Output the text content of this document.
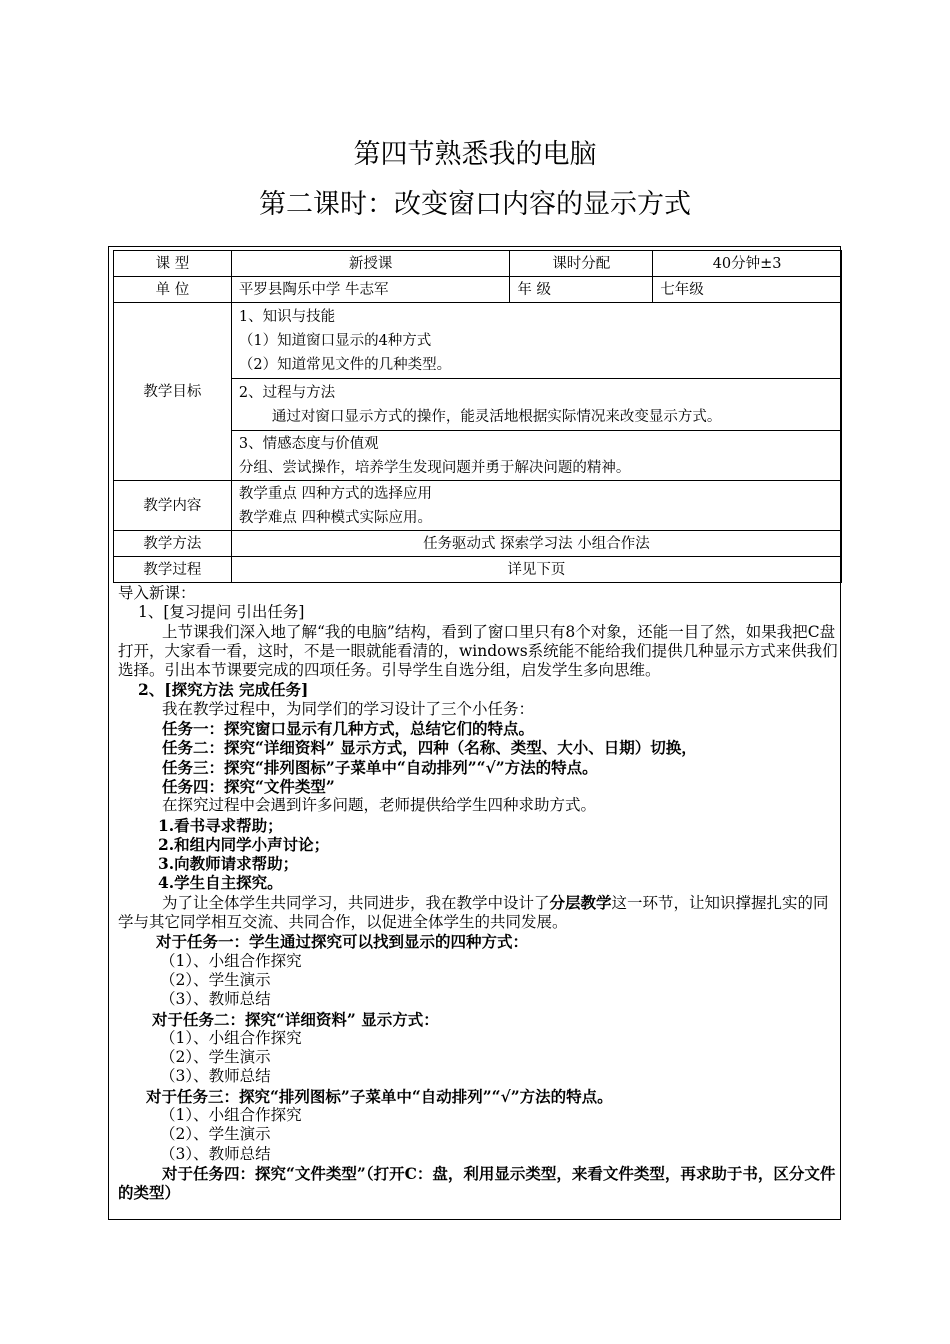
第四节熟悉我的电脑
第二课时：改变窗口内容的显示方式
课 型	新授课	课时分配	40分钟±3
单 位	平罗县陶乐中学 牛志军	年 级	七年级
教学目标	1、知识与技能
（1）知道窗口显示的4种方式
（2）知道常见文件的几种类型。		

	2、过程与方法
通过对窗口显示方式的操作，能灵活地根据实际情况来改变显示方式。		

	3、情感态度与价值观
分组、尝试操作，培养学生发现问题并勇于解决问题的精神。		

教学内容	教学重点 四种方式的选择应用
教学难点 四种模式实际应用。		

教学方法	任务驱动式 探索学习法 小组合作法		
教学过程	详见下页		
导入新课：
1、[复习提问 引出任务]
上节课我们深入地了解“我的电脑”结构，看到了窗口里只有8个对象，还能一目了然，如果我把C盘打开，大家看一看，这时，不是一眼就能看清的，windows系统能不能给我们提供几种显示方式来供我们选择。引出本节课要完成的四项任务。引导学生自选分组，启发学生多向思维。
2、[探究方法 完成任务]
我在教学过程中，为同学们的学习设计了三个小任务：
任务一：探究窗口显示有几种方式，总结它们的特点。
任务二：探究“详细资料” 显示方式，四种（名称、类型、大小、日期）切换，
任务三：探究“排列图标”子菜单中“自动排列”“√”方法的特点。
任务四：探究“文件类型”
在探究过程中会遇到许多问题，老师提供给学生四种求助方式。
1.看书寻求帮助；
2.和组内同学小声讨论；
3.向教师请求帮助；
4.学生自主探究。
为了让全体学生共同学习，共同进步，我在教学中设计了分层教学这一环节，让知识撑握扎实的同学与其它同学相互交流、共同合作，以促进全体学生的共同发展。
对于任务一：学生通过探究可以找到显示的四种方式：
（1）、小组合作探究
（2）、学生演示
（3）、教师总结
对于任务二：探究“详细资料” 显示方式：
（1）、小组合作探究
（2）、学生演示
（3）、教师总结
对于任务三：探究“排列图标”子菜单中“自动排列”“√”方法的特点。
（1）、小组合作探究
（2）、学生演示
（3）、教师总结
对于任务四：探究“文件类型”（打开C：盘，利用显示类型，来看文件类型，再求助于书，区分文件的类型）
